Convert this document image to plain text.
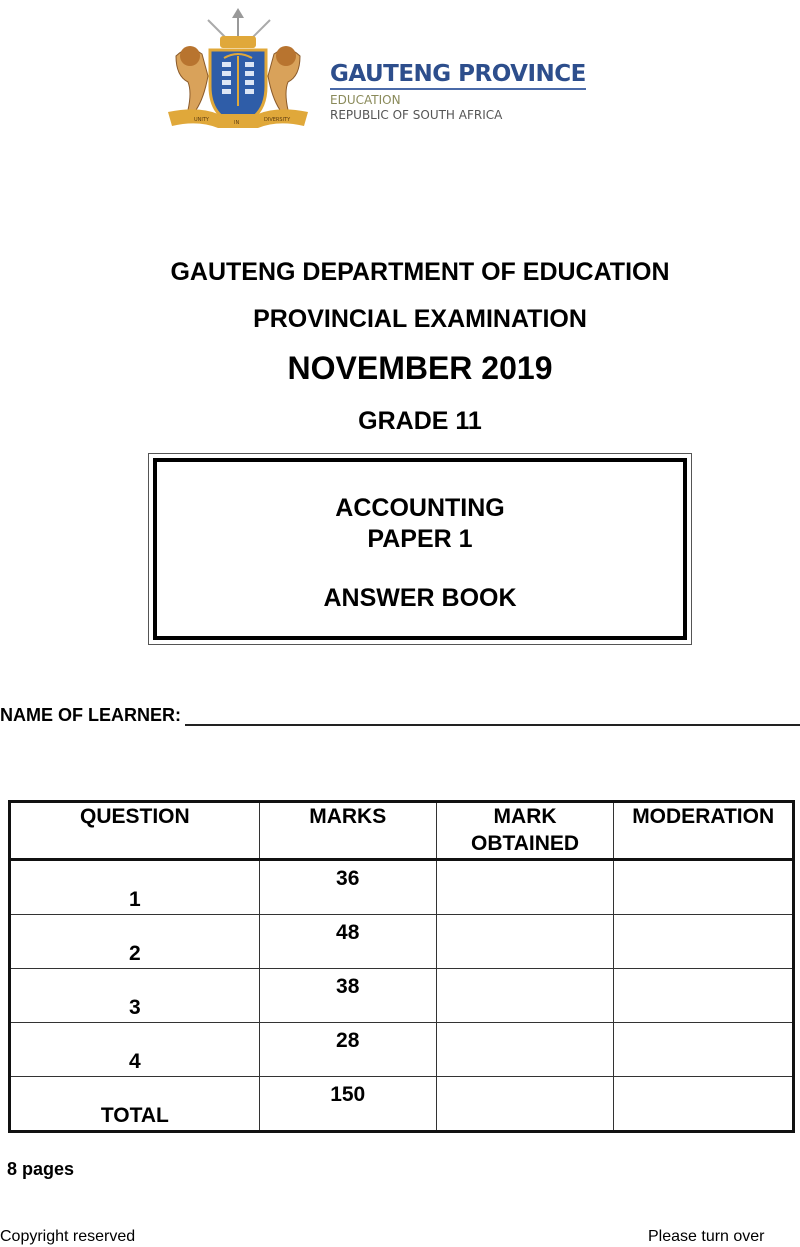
UNITY	IN	DIVERSITY
GAUTENG PROVINCE
EDUCATION
REPUBLIC OF SOUTH AFRICA
GAUTENG DEPARTMENT OF EDUCATION
PROVINCIAL EXAMINATION
NOVEMBER 2019
GRADE 11
ACCOUNTING
PAPER 1
ANSWER BOOK
NAME OF LEARNER:
QUESTION	MARKS	MARK OBTAINED	MODERATION

1	36		

2	48		

3	38		

4	28		

TOTAL	150		

8 pages
Copyright reserved	Please turn over
